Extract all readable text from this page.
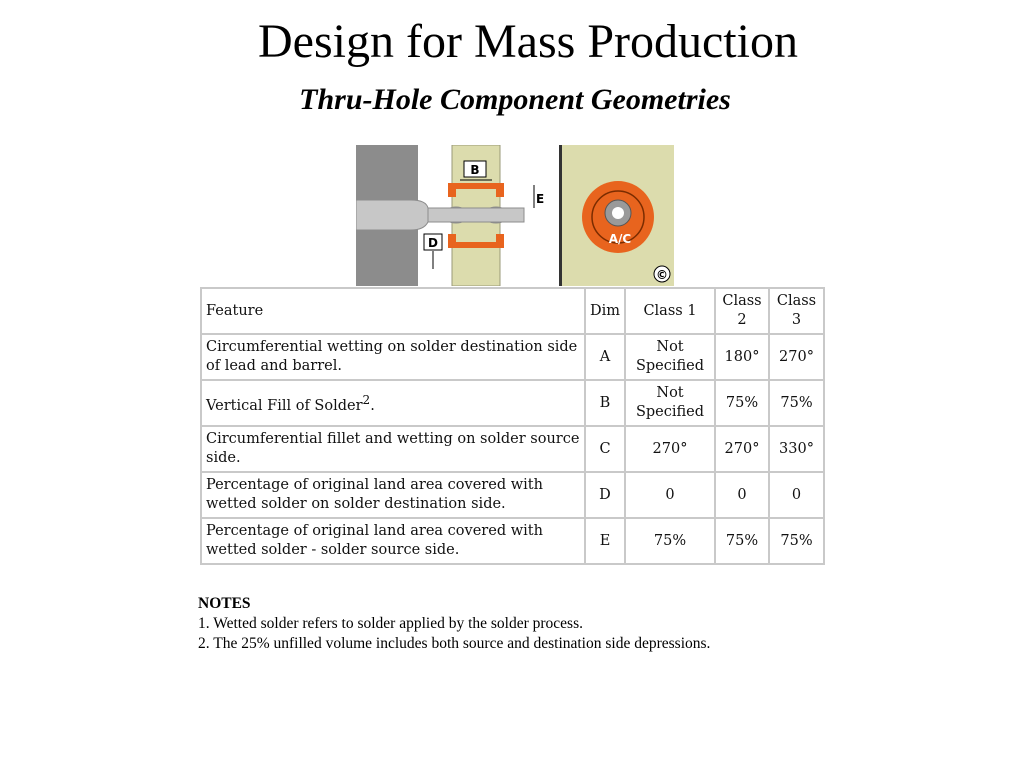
Design for Mass Production
Thru-Hole Component Geometries
B
E
D	A/C
©
Feature	Dim	Class 1	Class 2	Class 3
Circumferential wetting on solder destination side of lead and barrel.	A	Not Specified	180°	270°
Vertical Fill of Solder$^2$.	B	Not Specified	75%	75%
Circumferential fillet and wetting on solder source side.	C	270°	270°	330°
Percentage of original land area covered with wetted solder on solder destination side.	D	0	0	0
Percentage of original land area covered with wetted solder - solder source side.	E	75%	75%	75%
NOTES
1. Wetted solder refers to solder applied by the solder process.
2. The 25% unfilled volume includes both source and destination side depressions.
